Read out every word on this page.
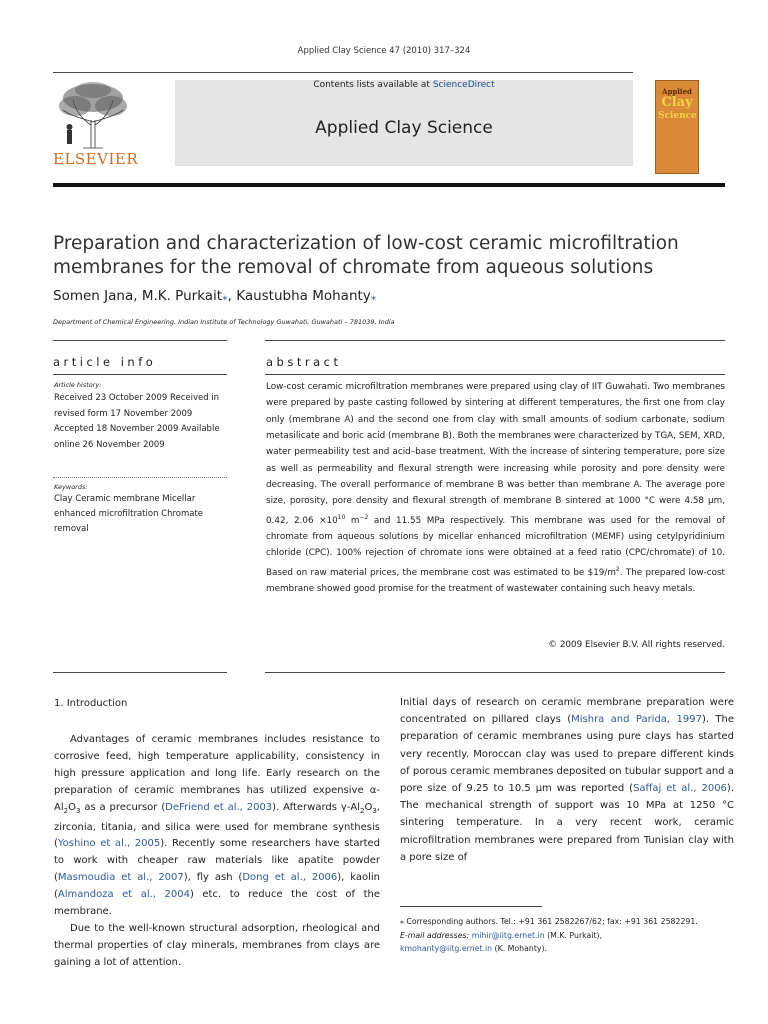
Applied Clay Science 47 (2010) 317–324
ELSEVIER
Contents lists available at ScienceDirect
Applied Clay Science
Applied
Clay
Science
Preparation and characterization of low-cost ceramic microfiltration
membranes for the removal of chromate from aqueous solutions
Somen Jana, M.K. Purkait⁎, Kaustubha Mohanty⁎
Department of Chemical Engineering, Indian Institute of Technology Guwahati, Guwahati – 781039, India
article info	abstract
Article history:
Received 23 October 2009 Received in revised form 17 November 2009 Accepted 18 November 2009 Available online 26 November 2009
Keywords:
Clay Ceramic membrane Micellar enhanced microfiltration Chromate removal
Low-cost ceramic microfiltration membranes were prepared using clay of IIT Guwahati. Two membranes were prepared by paste casting followed by sintering at different temperatures, the first one from clay only (membrane A) and the second one from clay with small amounts of sodium carbonate, sodium metasilicate and boric acid (membrane B). Both the membranes were characterized by TGA, SEM, XRD, water permeability test and acid–base treatment. With the increase of sintering temperature, pore size as well as permeability and flexural strength were increasing while porosity and pore density were decreasing. The overall performance of membrane B was better than membrane A. The average pore size, porosity, pore density and flexural strength of membrane B sintered at 1000 °C were 4.58 μm, 0.42, $2.06 \times 10^{10}$ $m^{-2}$ and 11.55 MPa respectively. This membrane was used for the removal of chromate from aqueous solutions by micellar enhanced microfiltration (MEMF) using cetylpyridinium chloride (CPC). 100% rejection of chromate ions were obtained at a feed ratio (CPC/chromate) of 10. Based on raw material prices, the membrane cost was estimated to be $\$19/m^2$. The prepared low-cost membrane showed good promise for the treatment of wastewater containing such heavy metals.
© 2009 Elsevier B.V. All rights reserved.
1. Introduction

Advantages of ceramic membranes includes resistance to corrosive feed, high temperature applicability, consistency in high pressure application and long life. Early research on the preparation of ceramic membranes has utilized expensive $\alpha-Al_2O_3$ as a precursor (DeFriend et al., 2003). Afterwards $\gamma-Al_2O_3$, zirconia, titania, and silica were used for membrane synthesis (Yoshino et al., 2005). Recently some researchers have started to work with cheaper raw materials like apatite powder (Masmoudia et al., 2007), fly ash (Dong et al., 2006), kaolin (Almandoza et al., 2004) etc. to reduce the cost of the membrane.

Due to the well-known structural adsorption, rheological and thermal properties of clay minerals, membranes from clays are gaining a lot of attention.

Initial days of research on ceramic membrane preparation were concentrated on pillared clays (Mishra and Parida, 1997). The preparation of ceramic membranes using pure clays has started very recently. Moroccan clay was used to prepare different kinds of porous ceramic membranes deposited on tubular support and a pore size of 9.25 to 10.5 μm was reported (Saffaj et al., 2006). The mechanical strength of support was 10 MPa at 1250 °C sintering temperature. In a very recent work, ceramic microfiltration membranes were prepared from Tunisian clay with a pore size of

⁎ Corresponding authors. Tel.: +91 361 2582267/62; fax: +91 361 2582291.
E-mail addresses: mihir@iitg.ernet.in (M.K. Purkait),
kmohanty@iitg.ernet.in (K. Mohanty).
